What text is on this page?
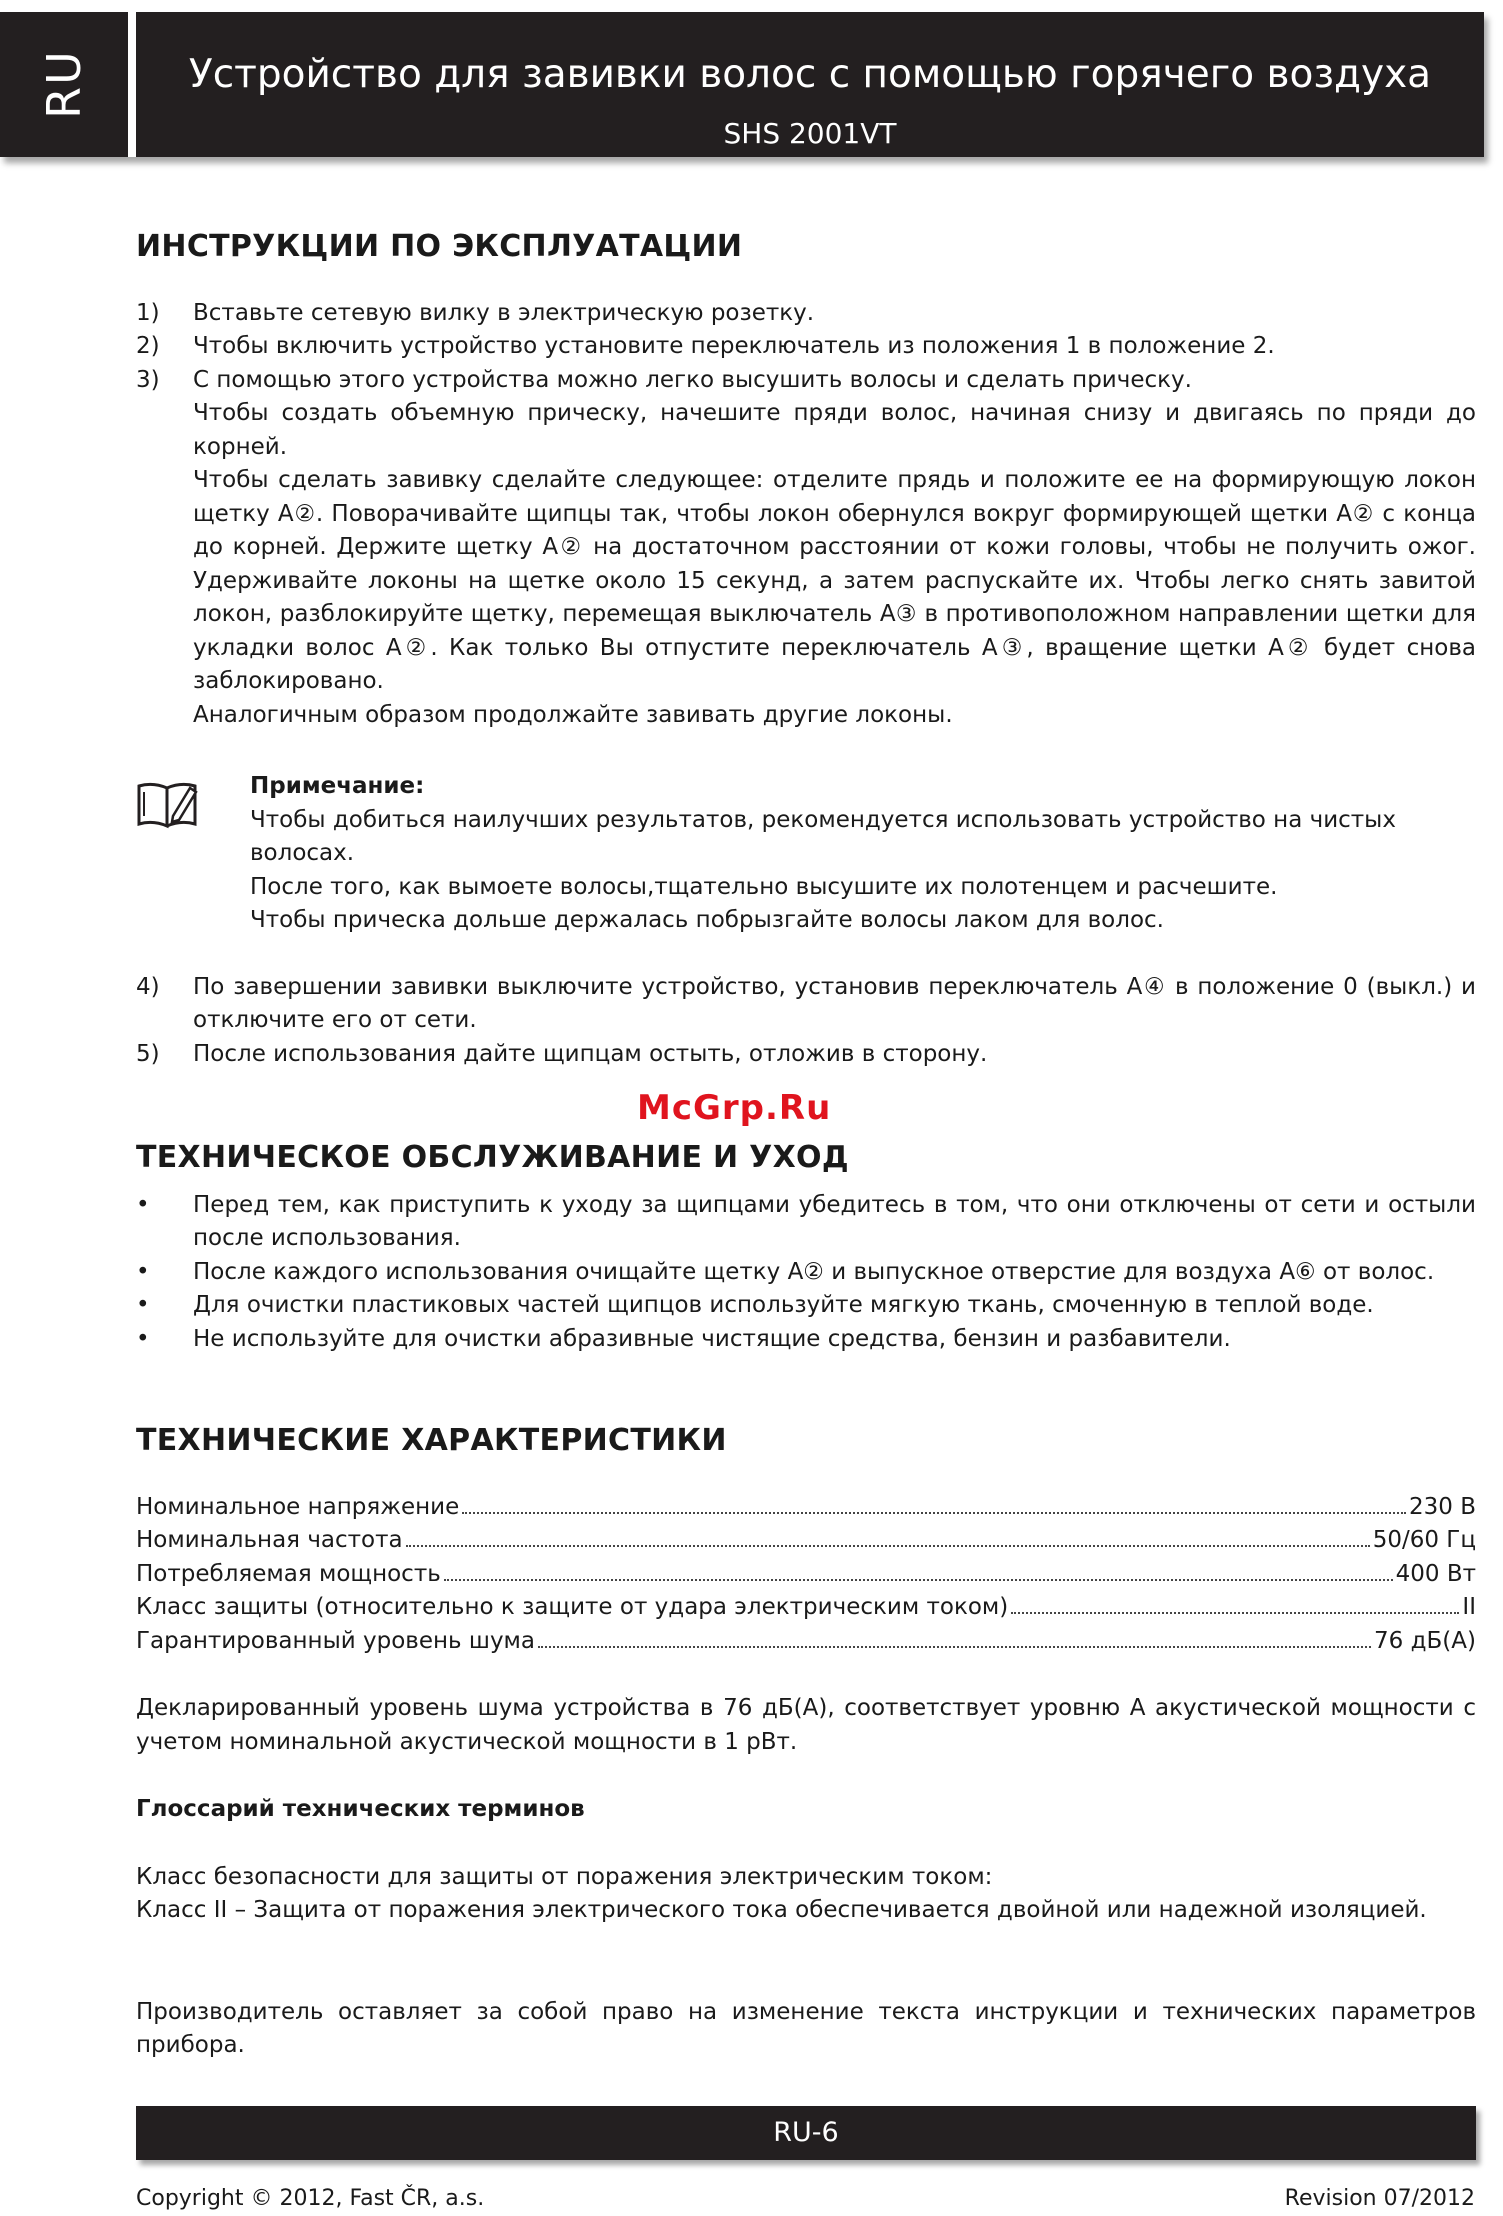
RU	Устройство для завивки волос с помощью горячего воздуха
SHS 2001VT
ИНСТРУКЦИИ ПО ЭКСПЛУАТАЦИИ
1)	Вставьте сетевую вилку в электрическую розетку.
2)	Чтобы включить устройство установите переключатель из положения 1 в положение 2.
3)	С помощью этого устройства можно легко высушить волосы и сделать прическу.
Чтобы создать объемную прическу, начешите пряди волос, начиная снизу и двигаясь по пряди до корней.
Чтобы сделать завивку сделайте следующее: отделите прядь и положите ее на формирующую локон щетку A②. Поворачивайте щипцы так, чтобы локон обернулся вокруг формирующей щетки A② с конца до корней. Держите щетку A② на достаточном расстоянии от кожи головы, чтобы не получить ожог. Удерживайте локоны на щетке около 15 секунд, а затем распускайте их. Чтобы легко снять завитой локон, разблокируйте щетку, перемещая выключатель A③ в противоположном направлении щетки для укладки волос A②. Как только Вы отпустите переключатель A③, вращение щетки A② будет снова заблокировано.
Аналогичным образом продолжайте завивать другие локоны.
Примечание:
Чтобы добиться наилучших результатов, рекомендуется использовать устройство на чистых волосах.
После того, как вымоете волосы,тщательно высушите их полотенцем и расчешите.
Чтобы прическа дольше держалась побрызгайте волосы лаком для волос.
4)	По завершении завивки выключите устройство, установив переключатель A④ в положение 0 (выкл.) и отключите его от сети.
5)	После использования дайте щипцам остыть, отложив в сторону.
ТЕХНИЧЕСКОЕ ОБСЛУЖИВАНИЕ И УХОД
•	Перед тем, как приступить к уходу за щипцами убедитесь в том, что они отключены от сети и остыли после использования.
•	После каждого использования очищайте щетку A② и выпускное отверстие для воздуха A⑥ от волос.
•	Для очистки пластиковых частей щипцов используйте мягкую ткань, смоченную в теплой воде.
•	Не используйте для очистки абразивные чистящие средства, бензин и разбавители.
ТЕХНИЧЕСКИЕ ХАРАКТЕРИСТИКИ
Номинальное напряжение	230 В
Номинальная частота	50/60 Гц
Потребляемая мощность	400 Вт
Класс защиты (относительно к защите от удара электрическим током)	II
Гарантированный уровень шума	76 дБ(A)
Декларированный уровень шума устройства в 76 дБ(A), соответствует уровню А акустической мощности с учетом номинальной акустической мощности в 1 pВт.
Глоссарий технических терминов
Класс безопасности для защиты от поражения электрическим током:
Класс II – Защита от поражения электрического тока обеспечивается двойной или надежной изоляцией.
Производитель оставляет за собой право на изменение текста инструкции и технических параметров прибора.
McGrp.Ru
RU-6
Copyright © 2012, Fast ČR, a.s.	Revision 07/2012
